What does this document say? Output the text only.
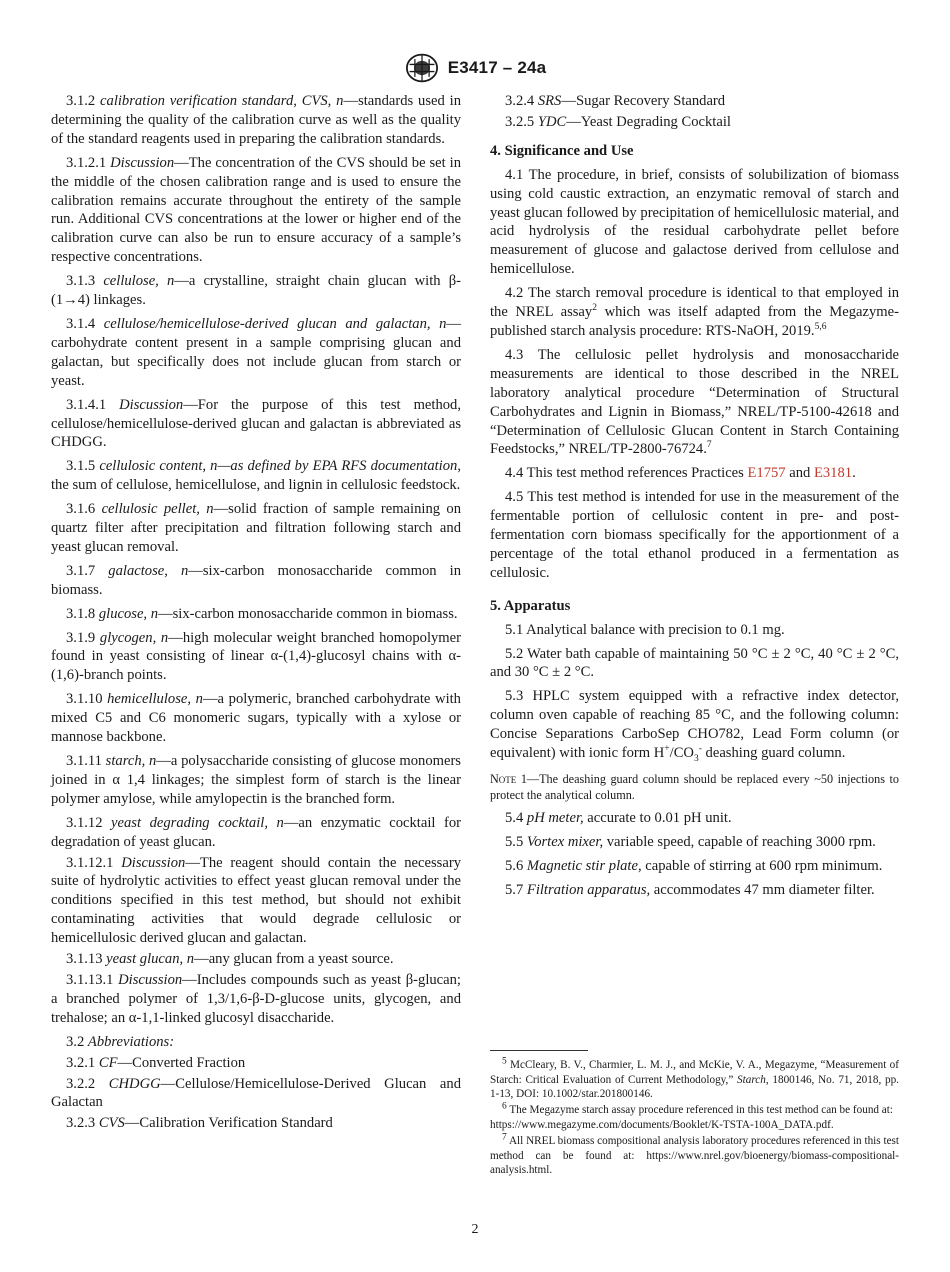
E3417 – 24a

3.1.2 calibration verification standard, CVS, n—standards used in determining the quality of the calibration curve as well as the quality of the standard reagents used in preparing the calibration standards.

3.1.2.1 Discussion—The concentration of the CVS should be set in the middle of the chosen calibration range and is used to ensure the calibration remains accurate throughout the entirety of the sample run. Additional CVS concentrations at the lower or higher end of the calibration curve can also be run to ensure accuracy of a sample’s respective concentrations.

3.1.3 cellulose, n—a crystalline, straight chain glucan with β-(1→4) linkages.

3.1.4 cellulose/hemicellulose-derived glucan and galactan, n—carbohydrate content present in a sample comprising glucan and galactan, but specifically does not include glucan from starch or yeast.

3.1.4.1 Discussion—For the purpose of this test method, cellulose/hemicellulose-derived glucan and galactan is abbreviated as CHDGG.

3.1.5 cellulosic content, n—as defined by EPA RFS documentation, the sum of cellulose, hemicellulose, and lignin in cellulosic feedstock.

3.1.6 cellulosic pellet, n—solid fraction of sample remaining on quartz filter after precipitation and filtration following starch and yeast glucan removal.

3.1.7 galactose, n—six-carbon monosaccharide common in biomass.

3.1.8 glucose, n—six-carbon monosaccharide common in biomass.

3.1.9 glycogen, n—high molecular weight branched homopolymer found in yeast consisting of linear α-(1,4)-glucosyl chains with α-(1,6)-branch points.

3.1.10 hemicellulose, n—a polymeric, branched carbohydrate with mixed C5 and C6 monomeric sugars, typically with a xylose or mannose backbone.

3.1.11 starch, n—a polysaccharide consisting of glucose monomers joined in α 1,4 linkages; the simplest form of starch is the linear polymer amylose, while amylopectin is the branched form.

3.1.12 yeast degrading cocktail, n—an enzymatic cocktail for degradation of yeast glucan.

3.1.12.1 Discussion—The reagent should contain the necessary suite of hydrolytic activities to effect yeast glucan removal under the conditions specified in this test method, but should not exhibit contaminating activities that would degrade cellulosic or hemicellulosic derived glucan and galactan.

3.1.13 yeast glucan, n—any glucan from a yeast source.

3.1.13.1 Discussion—Includes compounds such as yeast β-glucan; a branched polymer of 1,3/1,6-β-D-glucose units, glycogen, and trehalose; an α-1,1-linked glucosyl disaccharide.

3.2 Abbreviations:

3.2.1 CF—Converted Fraction

3.2.2 CHDGG—Cellulose/Hemicellulose-Derived Glucan and Galactan

3.2.3 CVS—Calibration Verification Standard

3.2.4 SRS—Sugar Recovery Standard

3.2.5 YDC—Yeast Degrading Cocktail

4. Significance and Use

4.1 The procedure, in brief, consists of solubilization of biomass using cold caustic extraction, an enzymatic removal of starch and yeast glucan followed by precipitation of hemicellulosic material, and acid hydrolysis of the residual carbohydrate pellet before measurement of glucose and galactose derived from cellulose and hemicellulose.

4.2 The starch removal procedure is identical to that employed in the NREL assay$^2$ which was itself adapted from the Megazyme-published starch analysis procedure: RTS-NaOH, 2019.$^{5,6}$

4.3 The cellulosic pellet hydrolysis and monosaccharide measurements are identical to those described in the NREL laboratory analytical procedure “Determination of Structural Carbohydrates and Lignin in Biomass,” NREL/TP-5100-42618 and “Determination of Cellulosic Glucan Content in Starch Containing Feedstocks,” NREL/TP-2800-76724.$^7$

4.4 This test method references Practices E1757 and E3181.

4.5 This test method is intended for use in the measurement of the fermentable portion of cellulosic content in pre- and post-fermentation corn biomass specifically for the apportionment of a percentage of the total ethanol produced in a fermentation as cellulosic.

5. Apparatus

5.1 Analytical balance with precision to 0.1 mg.

5.2 Water bath capable of maintaining 50 °C ± 2 °C, 40 °C ± 2 °C, and 30 °C ± 2 °C.

5.3 HPLC system equipped with a refractive index detector, column oven capable of reaching 85 °C, and the following column: Concise Separations CarboSep CHO782, Lead Form column (or equivalent) with ionic form $H^+/CO_3^-$ deashing guard column.

Note 1—The deashing guard column should be replaced every ~50 injections to protect the analytical column.

5.4 pH meter, accurate to 0.01 pH unit.

5.5 Vortex mixer, variable speed, capable of reaching 3000 rpm.

5.6 Magnetic stir plate, capable of stirring at 600 rpm minimum.

5.7 Filtration apparatus, accommodates 47 mm diameter filter.

$^5$ McCleary, B. V., Charmier, L. M. J., and McKie, V. A., Megazyme, “Measurement of Starch: Critical Evaluation of Current Methodology,” Starch, 1800146, No. 71, 2018, pp. 1-13, DOI: 10.1002/star.201800146.

$^6$ The Megazyme starch assay procedure referenced in this test method can be found at:

https://www.megazyme.com/documents/Booklet/K-TSTA-100A_DATA.pdf.

$^7$ All NREL biomass compositional analysis laboratory procedures referenced in this test method can be found at: https://www.nrel.gov/bioenergy/biomass-compositional-analysis.html.

2
